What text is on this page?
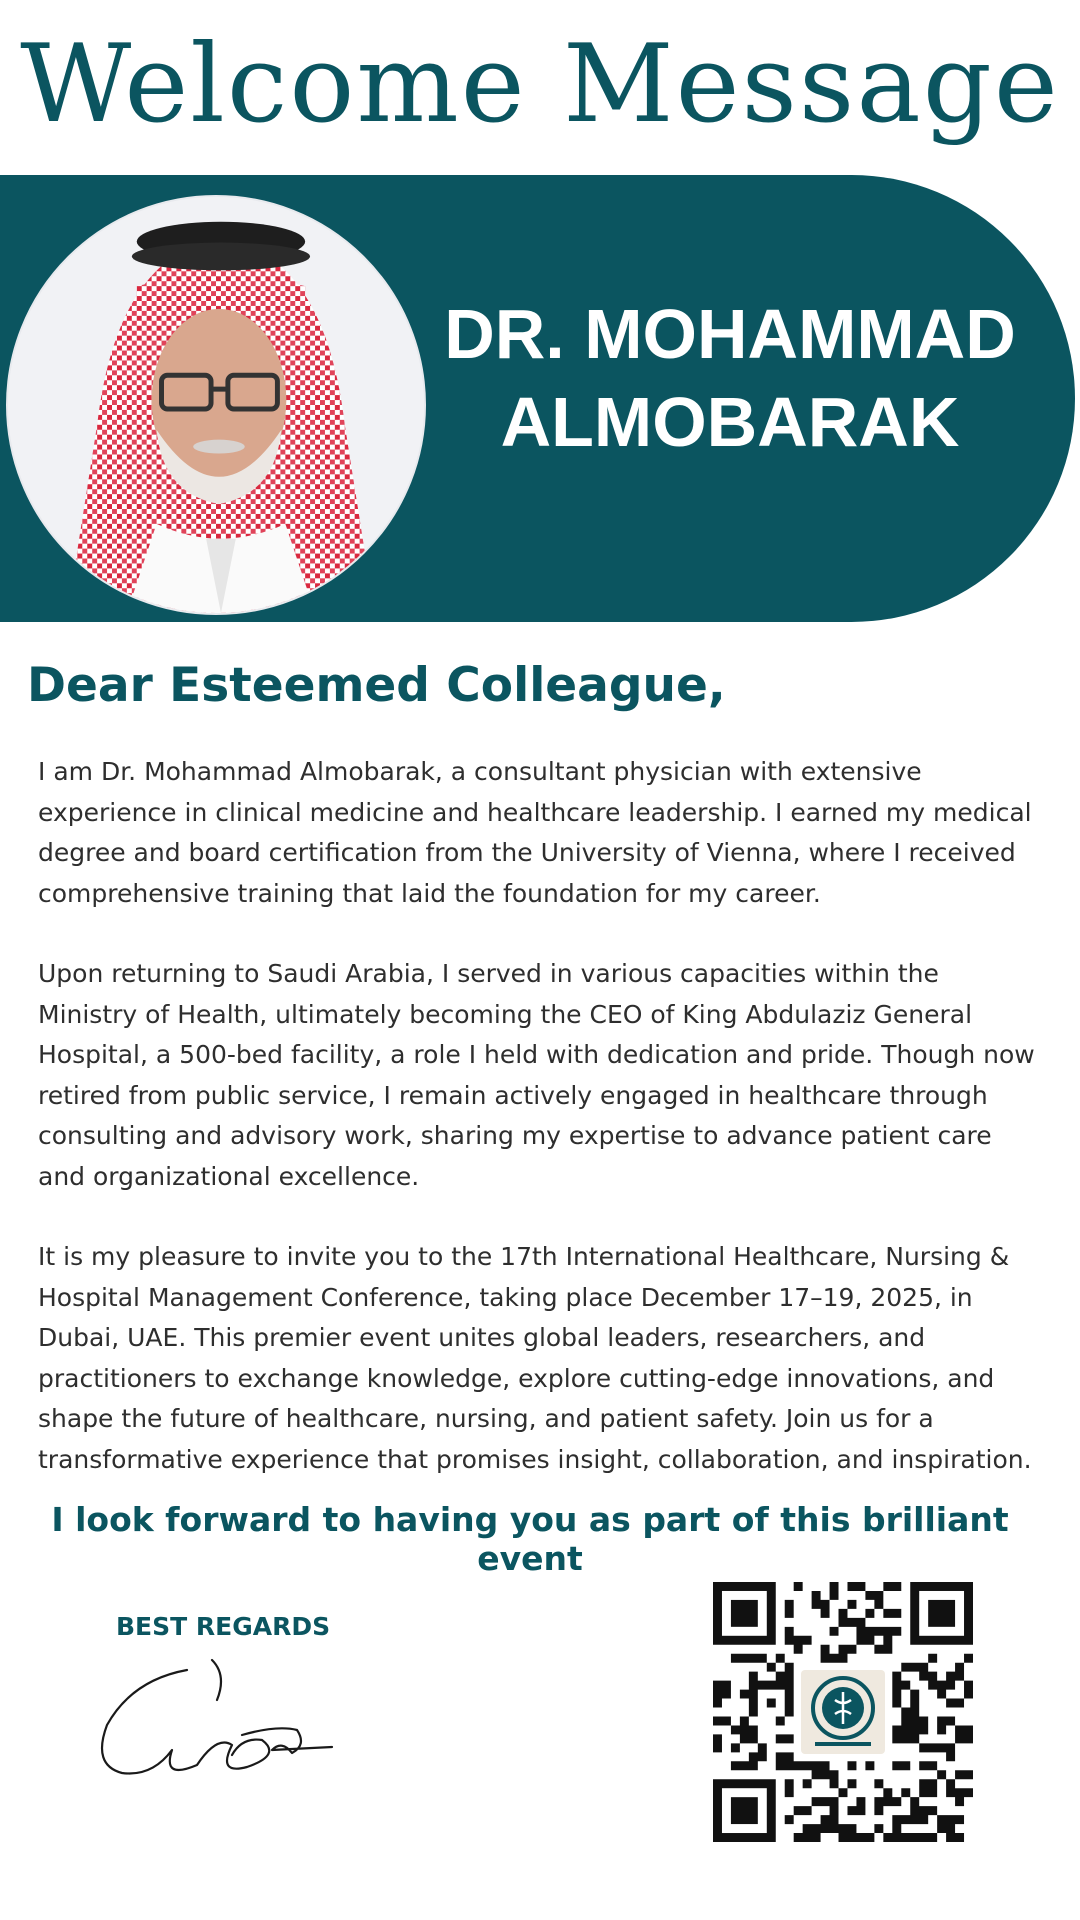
Welcome Message
DR. MOHAMMAD
ALMOBARAK
Dear Esteemed Colleague,

I am Dr. Mohammad Almobarak, a consultant physician with extensive experience in clinical medicine and healthcare leadership. I earned my medical degree and board certification from the University of Vienna, where I received comprehensive training that laid the foundation for my career.

Upon returning to Saudi Arabia, I served in various capacities within the Ministry of Health, ultimately becoming the CEO of King Abdulaziz General Hospital, a 500-bed facility, a role I held with dedication and pride. Though now retired from public service, I remain actively engaged in healthcare through consulting and advisory work, sharing my expertise to advance patient care and organizational excellence.

It is my pleasure to invite you to the 17th International Healthcare, Nursing & Hospital Management Conference, taking place December 17–19, 2025, in Dubai, UAE. This premier event unites global leaders, researchers, and practitioners to exchange knowledge, explore cutting-edge innovations, and shape the future of healthcare, nursing, and patient safety. Join us for a transformative experience that promises insight, collaboration, and inspiration.

I look forward to having you as part of this brilliant event
BEST REGARDS
